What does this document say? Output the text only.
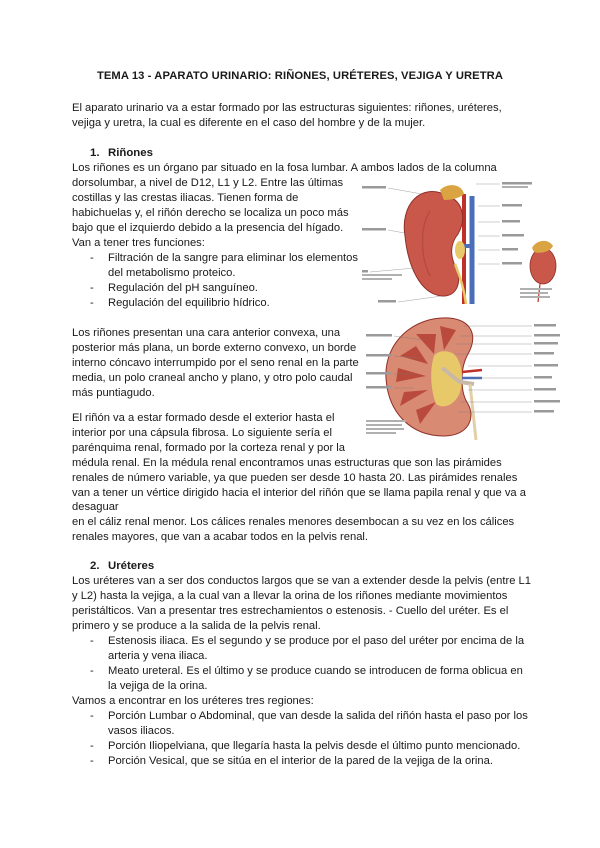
TEMA 13 - APARATO URINARIO: RIÑONES, URÉTERES, VEJIGA Y URETRA
El aparato urinario va a estar formado por las estructuras siguientes: riñones, uréteres,
vejiga y uretra, la cual es diferente en el caso del hombre y de la mujer.
1. Riñones
Los riñones es un órgano par situado en la fosa lumbar. A ambos lados de la columna
dorsolumbar, a nivel de D12, L1 y L2. Entre las últimas
costillas y las crestas iliacas. Tienen forma de
habichuelas y, el riñón derecho se localiza un poco más
bajo que el izquierdo debido a la presencia del hígado.
Van a tener tres funciones:
- Filtración de la sangre para eliminar los elementos
del metabolismo proteico.
- Regulación del pH sanguíneo.
- Regulación del equilibrio hídrico.
Los riñones presentan una cara anterior convexa, una
posterior más plana, un borde externo convexo, un borde
interno cóncavo interrumpido por el seno renal en la parte
media, un polo craneal ancho y plano, y otro polo caudal
más puntiagudo.
El riñón va a estar formado desde el exterior hasta el
interior por una cápsula fibrosa. Lo siguiente sería el
parénquima renal, formado por la corteza renal y por la
médula renal. En la médula renal encontramos unas estructuras que son las pirámides
renales de número variable, ya que pueden ser desde 10 hasta 20. Las pirámides renales
van a tener un vértice dirigido hacia el interior del riñón que se llama papila renal y que va a
desaguar
en el cáliz renal menor. Los cálices renales menores desembocan a su vez en los cálices
renales mayores, que van a acabar todos en la pelvis renal.
2. Uréteres
Los uréteres van a ser dos conductos largos que se van a extender desde la pelvis (entre L1
y L2) hasta la vejiga, a la cual van a llevar la orina de los riñones mediante movimientos
peristálticos. Van a presentar tres estrechamientos o estenosis. - Cuello del uréter. Es el
primero y se produce a la salida de la pelvis renal.
- Estenosis iliaca. Es el segundo y se produce por el paso del uréter por encima de la
arteria y vena iliaca.
- Meato ureteral. Es el último y se produce cuando se introducen de forma oblicua en
la vejiga de la orina.
Vamos a encontrar en los uréteres tres regiones:
- Porción Lumbar o Abdominal, que van desde la salida del riñón hasta el paso por los
vasos iliacos.
- Porción Iliopelviana, que llegaría hasta la pelvis desde el último punto mencionado.
- Porción Vesical, que se sitúa en el interior de la pared de la vejiga de la orina.
